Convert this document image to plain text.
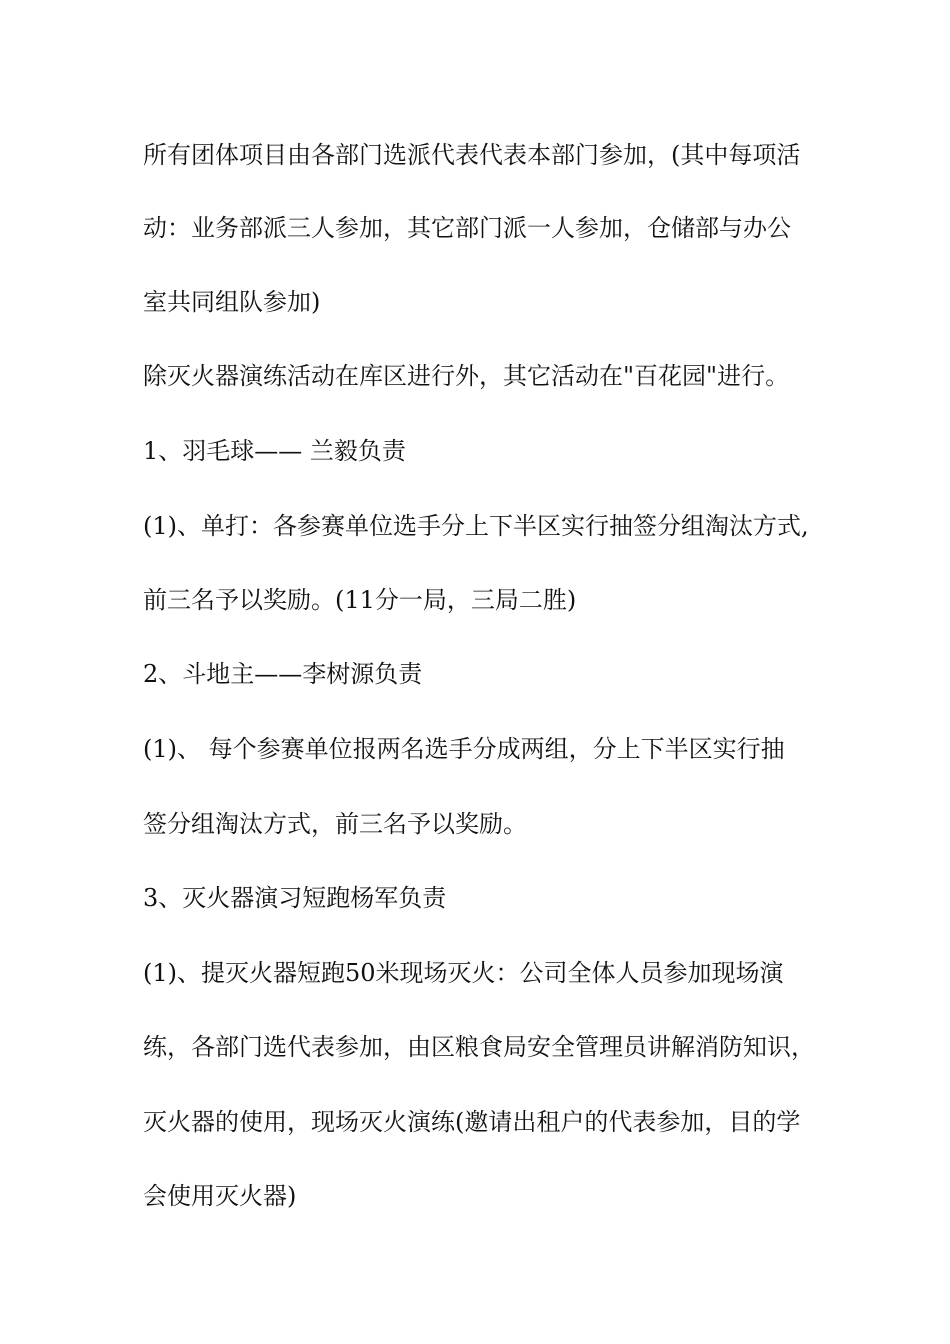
所有团体项目由各部门选派代表代表本部门参加，(其中每项活
动：业务部派三人参加，其它部门派一人参加，仓储部与办公
室共同组队参加)
除灭火器演练活动在库区进行外，其它活动在"百花园"进行。
1、羽毛球—— 兰毅负责
(1)、单打：各参赛单位选手分上下半区实行抽签分组淘汰方式,
前三名予以奖励。(11分一局，三局二胜)
2、斗地主——李树源负责
(1)、 每个参赛单位报两名选手分成两组，分上下半区实行抽
签分组淘汰方式，前三名予以奖励。
3、灭火器演习短跑杨军负责
(1)、提灭火器短跑50米现场灭火：公司全体人员参加现场演
练，各部门选代表参加，由区粮食局安全管理员讲解消防知识，
灭火器的使用，现场灭火演练(邀请出租户的代表参加，目的学
会使用灭火器)
